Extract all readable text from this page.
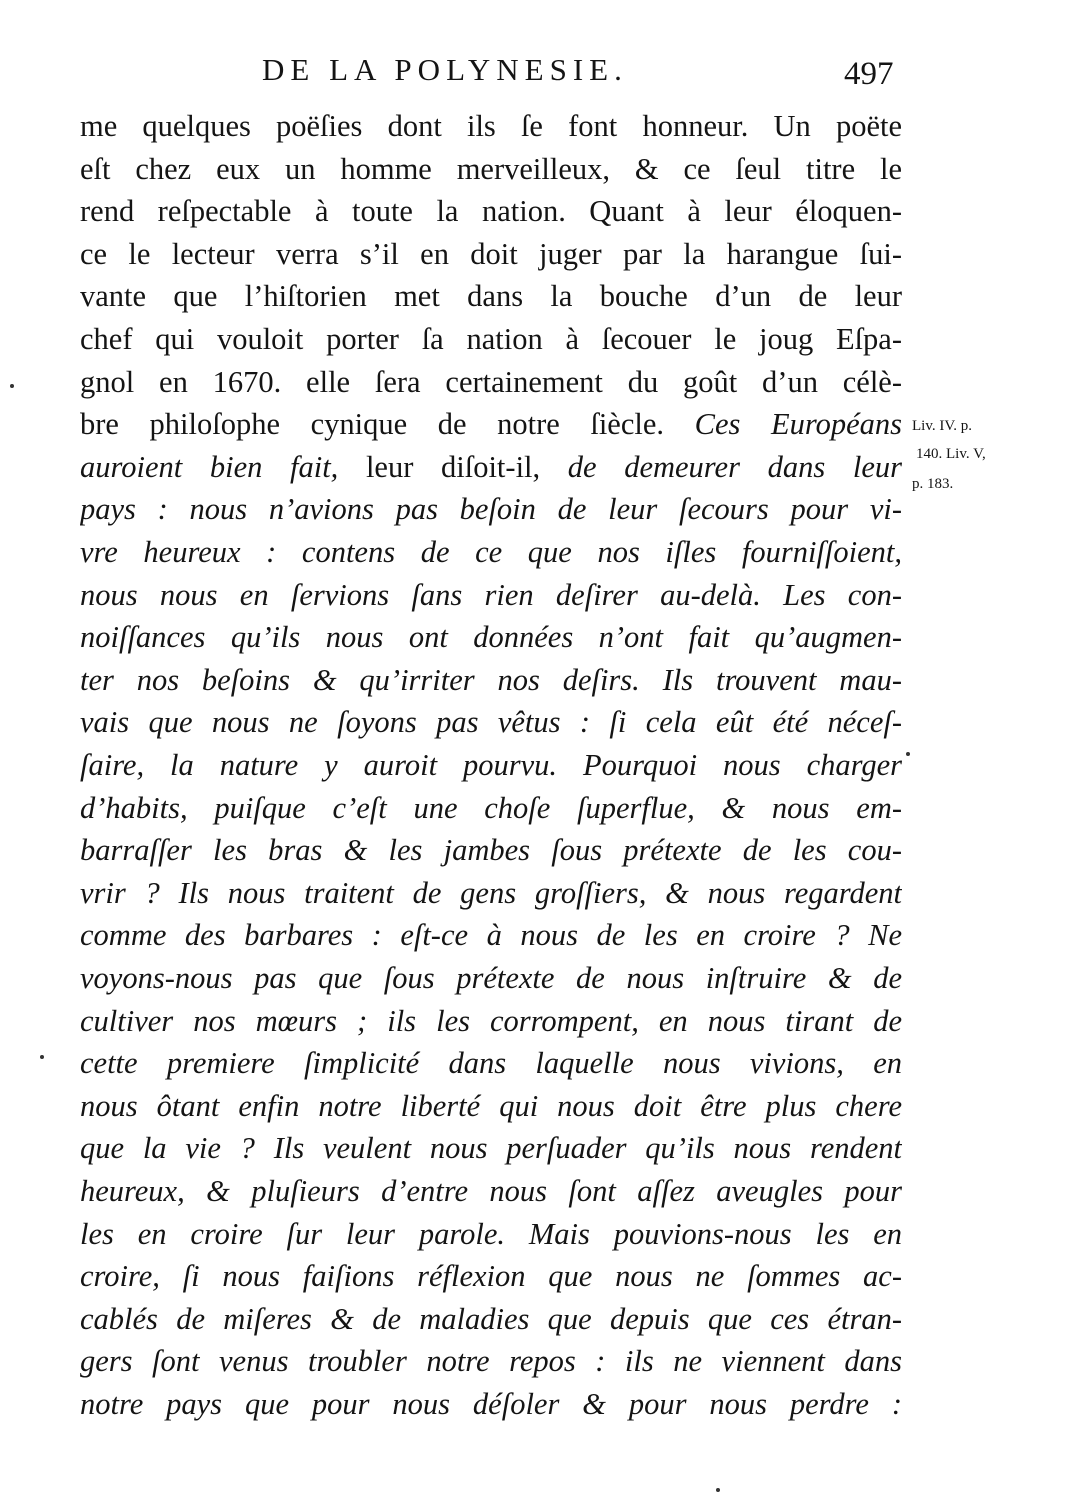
DE LA POLYNESIE.	497
me quelques poëſies dont ils ſe font honneur. Un poëte
eſt chez eux un homme merveilleux, & ce ſeul titre le
rend reſpectable à toute la nation. Quant à leur éloquen-
ce le lecteur verra s’il en doit juger par la harangue ſui-
vante que l’hiſtorien met dans la bouche d’un de leur
chef qui vouloit porter ſa nation à ſecouer le joug Eſpa-
gnol en 1670. elle ſera certainement du goût d’un célè-
bre philoſophe cynique de notre ſiècle. Ces Européans
auroient bien fait, leur diſoit-il, de demeurer dans leur
pays : nous n’avions pas beſoin de leur ſecours pour vi-
vre heureux : contens de ce que nos iſles fourniſſoient,
nous nous en ſervions ſans rien deſirer au-delà. Les con-
noiſſances qu’ils nous ont données n’ont fait qu’augmen-
ter nos beſoins & qu’irriter nos deſirs. Ils trouvent mau-
vais que nous ne ſoyons pas vêtus : ſi cela eût été néceſ-
ſaire, la nature y auroit pourvu. Pourquoi nous charger
d’habits, puiſque c’eſt une choſe ſuperflue, & nous em-
barraſſer les bras & les jambes ſous prétexte de les cou-
vrir ? Ils nous traitent de gens groſſiers, & nous regardent
comme des barbares : eſt-ce à nous de les en croire ? Ne
voyons-nous pas que ſous prétexte de nous inſtruire & de
cultiver nos mœurs ; ils les corrompent, en nous tirant de
cette premiere ſimplicité dans laquelle nous vivions, en
nous ôtant enfin notre liberté qui nous doit être plus chere
que la vie ? Ils veulent nous perſuader qu’ils nous rendent
heureux, & pluſieurs d’entre nous ſont aſſez aveugles pour
les en croire ſur leur parole. Mais pouvions-nous les en
croire, ſi nous faiſions réflexion que nous ne ſommes ac-
cablés de miſeres & de maladies que depuis que ces étran-
gers ſont venus troubler notre repos : ils ne viennent dans
notre pays que pour nous déſoler & pour nous perdre :
Liv. IV. p.
140. Liv. V,
p. 183.
